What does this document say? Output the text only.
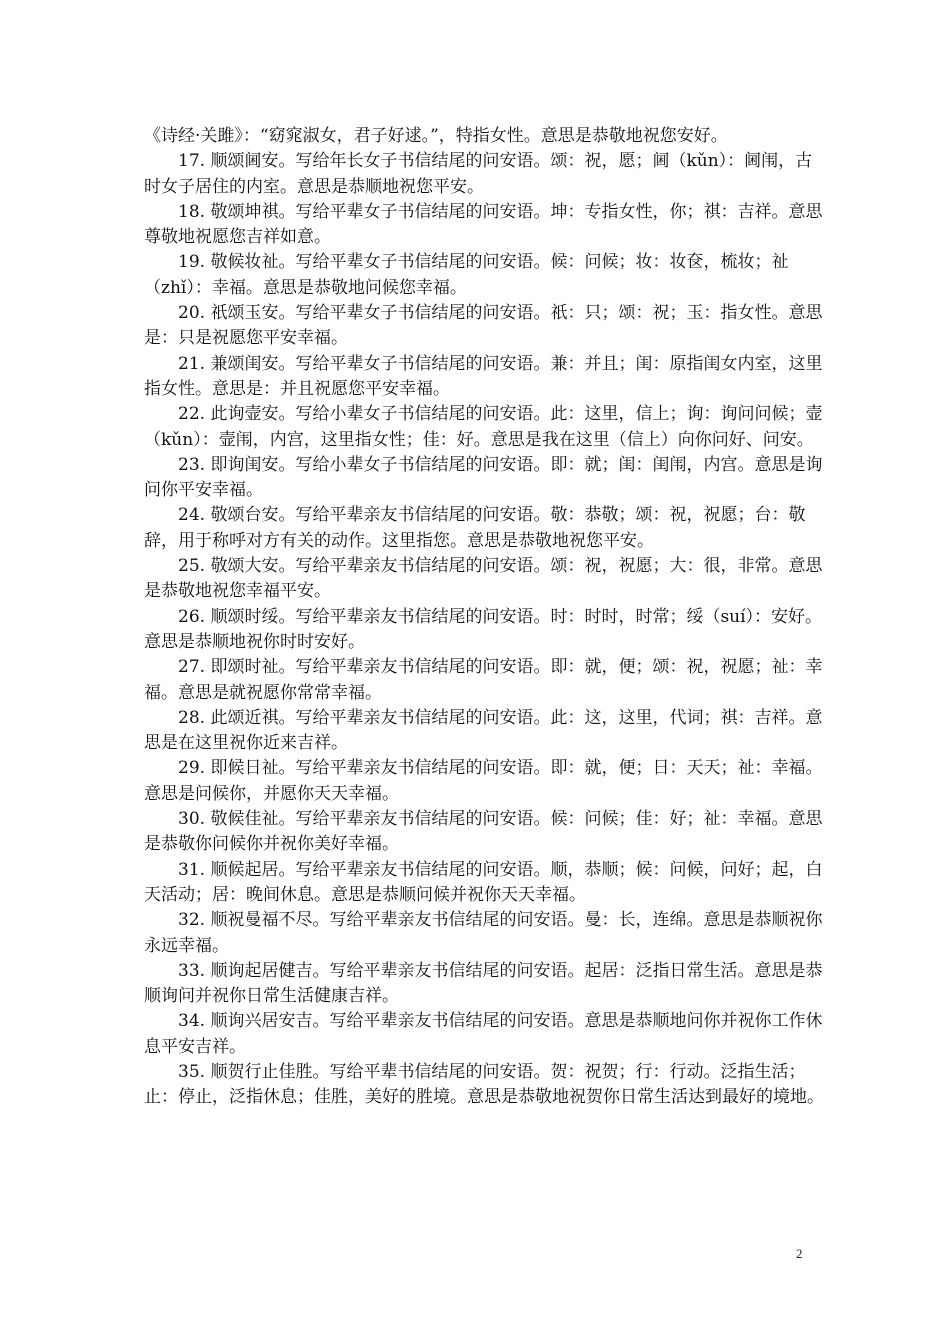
《诗经·关雎》：“窈窕淑女，君子好逑。”，特指女性。意思是恭敬地祝您安好。

17. 顺颂阃安。写给年长女子书信结尾的问安语。颂：祝，愿；阃（kǔn）：阃闱，古时女子居住的内室。意思是恭顺地祝您平安。

18. 敬颂坤祺。写给平辈女子书信结尾的问安语。坤：专指女性，你；祺：吉祥。意思尊敬地祝愿您吉祥如意。

19. 敬候妆祉。写给平辈女子书信结尾的问安语。候：问候；妆：妆奁，梳妆；祉（zhǐ）：幸福。意思是恭敬地问候您幸福。

20. 祇颂玉安。写给平辈女子书信结尾的问安语。祇：只；颂：祝；玉：指女性。意思是：只是祝愿您平安幸福。

21. 兼颂闺安。写给平辈女子书信结尾的问安语。兼：并且；闺：原指闺女内室，这里指女性。意思是：并且祝愿您平安幸福。

22. 此询壸安。写给小辈女子书信结尾的问安语。此：这里，信上；询：询问问候；壸（kǔn）：壸闱，内宫，这里指女性；佳：好。意思是我在这里（信上）向你问好、问安。

23. 即询闺安。写给小辈女子书信结尾的问安语。即：就；闺：闺闱，内宫。意思是询问你平安幸福。

24. 敬颂台安。写给平辈亲友书信结尾的问安语。敬：恭敬；颂：祝，祝愿；台：敬辞，用于称呼对方有关的动作。这里指您。意思是恭敬地祝您平安。

25. 敬颂大安。写给平辈亲友书信结尾的问安语。颂：祝，祝愿；大：很，非常。意思是恭敬地祝您幸福平安。

26. 顺颂时绥。写给平辈亲友书信结尾的问安语。时：时时，时常；绥（suí）：安好。意思是恭顺地祝你时时安好。

27. 即颂时祉。写给平辈亲友书信结尾的问安语。即：就，便；颂：祝，祝愿；祉：幸福。意思是就祝愿你常常幸福。

28. 此颂近祺。写给平辈亲友书信结尾的问安语。此：这，这里，代词；祺：吉祥。意思是在这里祝你近来吉祥。

29. 即候日祉。写给平辈亲友书信结尾的问安语。即：就，便；日：天天；祉：幸福。意思是问候你，并愿你天天幸福。

30. 敬候佳祉。写给平辈亲友书信结尾的问安语。候：问候；佳：好；祉：幸福。意思是恭敬你问候你并祝你美好幸福。

31. 顺候起居。写给平辈亲友书信结尾的问安语。顺，恭顺；候：问候，问好；起，白天活动；居：晚间休息。意思是恭顺问候并祝你天天幸福。

32. 顺祝曼福不尽。写给平辈亲友书信结尾的问安语。曼：长，连绵。意思是恭顺祝你永远幸福。

33. 顺询起居健吉。写给平辈亲友书信结尾的问安语。起居：泛指日常生活。意思是恭顺询问并祝你日常生活健康吉祥。

34. 顺询兴居安吉。写给平辈亲友书信结尾的问安语。意思是恭顺地问你并祝你工作休息平安吉祥。

35. 顺贺行止佳胜。写给平辈书信结尾的问安语。贺：祝贺；行：行动。泛指生活；止：停止，泛指休息；佳胜，美好的胜境。意思是恭敬地祝贺你日常生活达到最好的境地。

2
